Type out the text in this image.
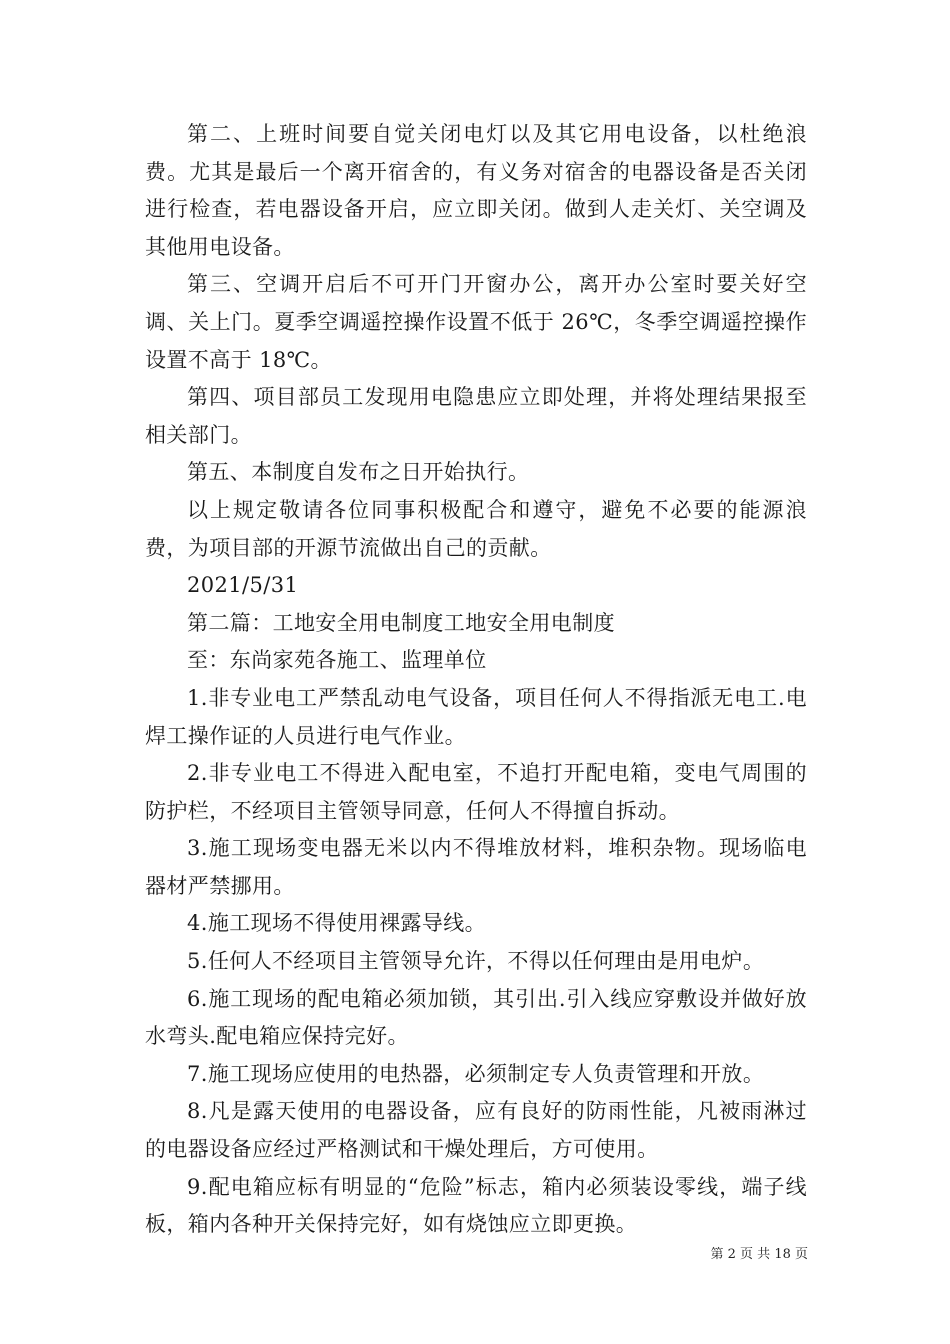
第二、上班时间要自觉关闭电灯以及其它用电设备，以杜绝浪费。尤其是最后一个离开宿舍的，有义务对宿舍的电器设备是否关闭进行检查，若电器设备开启，应立即关闭。做到人走关灯、关空调及其他用电设备。

第三、空调开启后不可开门开窗办公，离开办公室时要关好空调、关上门。夏季空调遥控操作设置不低于 26℃，冬季空调遥控操作设置不高于 18℃。

第四、项目部员工发现用电隐患应立即处理，并将处理结果报至相关部门。

第五、本制度自发布之日开始执行。

以上规定敬请各位同事积极配合和遵守，避免不必要的能源浪费，为项目部的开源节流做出自己的贡献。

2021/5/31

第二篇：工地安全用电制度工地安全用电制度

至：东尚家苑各施工、监理单位

1.非专业电工严禁乱动电气设备，项目任何人不得指派无电工.电焊工操作证的人员进行电气作业。

2.非专业电工不得进入配电室，不追打开配电箱，变电气周围的防护栏，不经项目主管领导同意，任何人不得擅自拆动。

3.施工现场变电器无米以内不得堆放材料，堆积杂物。现场临电器材严禁挪用。

4.施工现场不得使用裸露导线。

5.任何人不经项目主管领导允许，不得以任何理由是用电炉。

6.施工现场的配电箱必须加锁，其引出.引入线应穿敷设并做好放水弯头.配电箱应保持完好。

7.施工现场应使用的电热器，必须制定专人负责管理和开放。

8.凡是露天使用的电器设备，应有良好的防雨性能，凡被雨淋过的电器设备应经过严格测试和干燥处理后，方可使用。

9.配电箱应标有明显的“危险”标志，箱内必须装设零线，端子线板，箱内各种开关保持完好，如有烧蚀应立即更换。

第 2 页 共 18 页
